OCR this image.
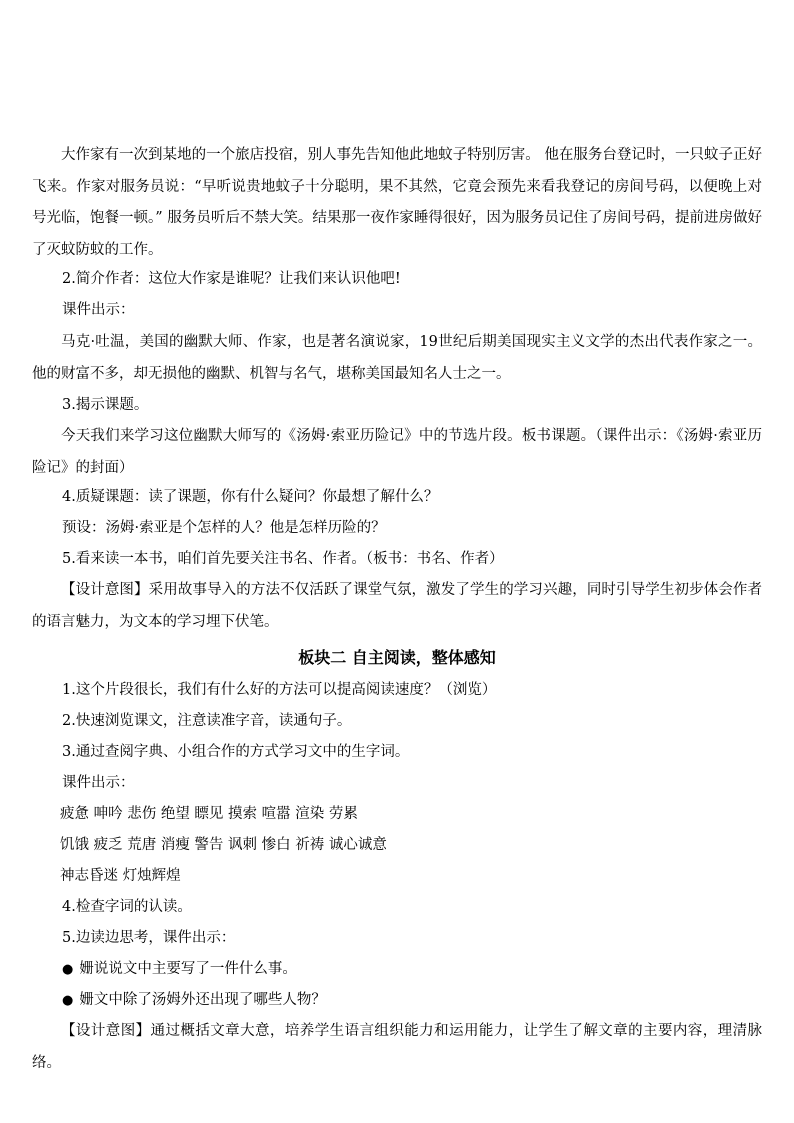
大作家有一次到某地的一个旅店投宿，别人事先告知他此地蚊子特别厉害。 他在服务台登记时，一只蚊子正好飞来。作家对服务员说：“早听说贵地蚊子十分聪明，果不其然，它竟会预先来看我登记的房间号码，以便晚上对号光临，饱餐一顿。” 服务员听后不禁大笑。结果那一夜作家睡得很好，因为服务员记住了房间号码，提前进房做好了灭蚊防蚊的工作。

2.简介作者：这位大作家是谁呢？让我们来认识他吧!

课件出示：

马克·吐温，美国的幽默大师、作家，也是著名演说家，19世纪后期美国现实主义文学的杰出代表作家之一。他的财富不多，却无损他的幽默、机智与名气，堪称美国最知名人士之一。

3.揭示课题。

今天我们来学习这位幽默大师写的《汤姆·索亚历险记》中的节选片段。板书课题。（课件出示：《汤姆·索亚历险记》的封面）

4.质疑课题：读了课题，你有什么疑问？你最想了解什么？

预设：汤姆·索亚是个怎样的人？他是怎样历险的？

5.看来读一本书，咱们首先要关注书名、作者。（板书：书名、作者）

【设计意图】采用故事导入的方法不仅活跃了课堂气氛，激发了学生的学习兴趣，同时引导学生初步体会作者的语言魅力，为文本的学习埋下伏笔。

板块二 自主阅读，整体感知

1.这个片段很长，我们有什么好的方法可以提高阅读速度？（浏览）

2.快速浏览课文，注意读准字音，读通句子。

3.通过查阅字典、小组合作的方式学习文中的生字词。

课件出示：

疲惫 呻吟 悲伤 绝望 瞟见 摸索 喧嚣 渲染 劳累

饥饿 疲乏 荒唐 消瘦 警告 讽刺 惨白 祈祷 诚心诚意

神志昏迷 灯烛辉煌

4.检查字词的认读。

5.边读边思考，课件出示：

● 姗说说文中主要写了一件什么事。

● 姗文中除了汤姆外还出现了哪些人物？

【设计意图】通过概括文章大意，培养学生语言组织能力和运用能力，让学生了解文章的主要内容，理清脉络。
